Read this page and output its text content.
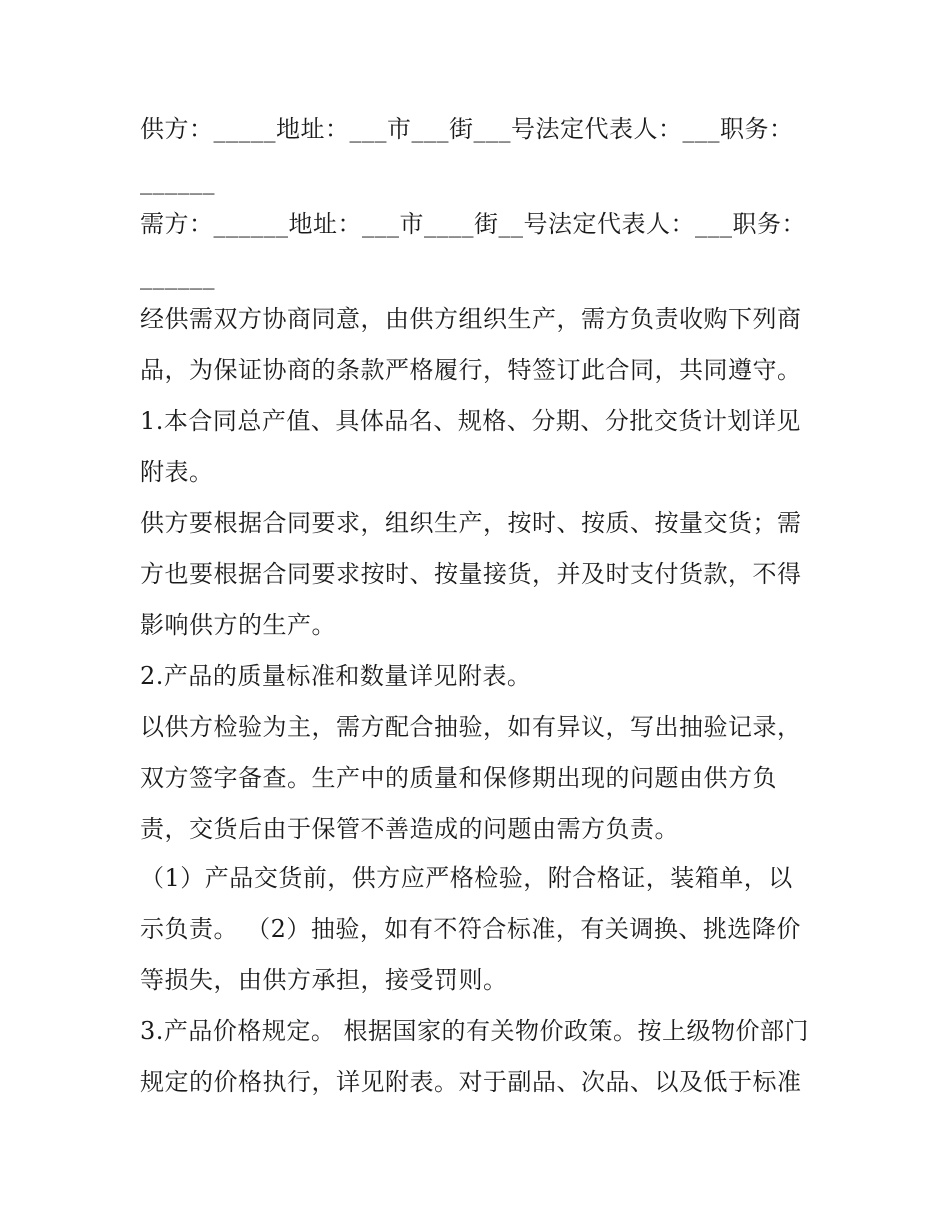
供方：_____地址：___市___街___号法定代表人：___职务：
______
需方：______地址：___市____街__号法定代表人：___职务：
______
经供需双方协商同意，由供方组织生产，需方负责收购下列商
品，为保证协商的条款严格履行，特签订此合同，共同遵守。
1.本合同总产值、具体品名、规格、分期、分批交货计划详见
附表。
供方要根据合同要求，组织生产，按时、按质、按量交货；需
方也要根据合同要求按时、按量接货，并及时支付货款，不得
影响供方的生产。
2.产品的质量标准和数量详见附表。
以供方检验为主，需方配合抽验，如有异议，写出抽验记录，
双方签字备查。生产中的质量和保修期出现的问题由供方负
责，交货后由于保管不善造成的问题由需方负责。
（1）产品交货前，供方应严格检验，附合格证，装箱单，以
示负责。 （2）抽验，如有不符合标准，有关调换、挑选降价
等损失，由供方承担，接受罚则。
3.产品价格规定。 根据国家的有关物价政策。按上级物价部门
规定的价格执行，详见附表。对于副品、次品、以及低于标准
